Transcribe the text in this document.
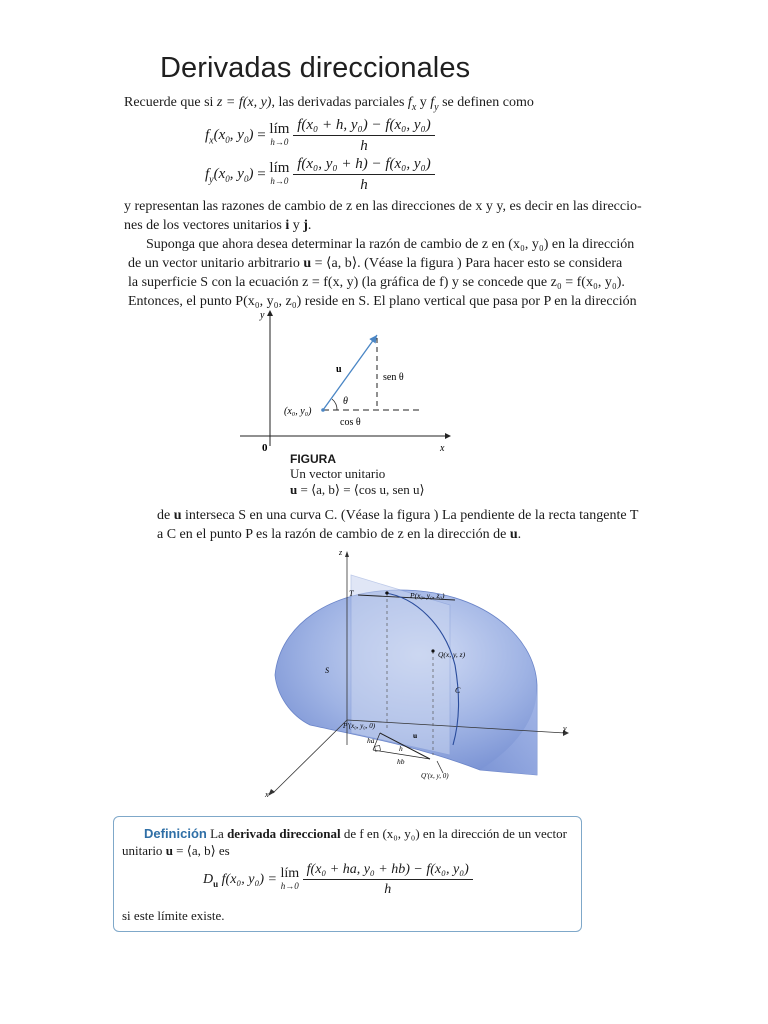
Derivadas direccionales
Recuerde que si z = f(x, y), las derivadas parciales $f_x$ y $f_y$ se definen como
$f_x(x_0$, $y_0$) = lím
h→0
$\frac{\text{f(x₀ + h, y₀) − f(x₀, y₀)}}{h}$
$f_y(x_0$, $y_0$) = lím
h→0
$\frac{\text{f(x₀, y₀ + h) − f(x₀, y₀)}}{h}$
y representan las razones de cambio de z en las direcciones de x y y, es decir en las direccio-
nes de los vectores unitarios i y j.
Suponga que ahora desea determinar la razón de cambio de z en (x₀, y₀) en la dirección
de un vector unitario arbitrario u = ⟨a, b⟩. (Véase la figura ) Para hacer esto se considera
la superficie S con la ecuación z = f(x, y) (la gráfica de f) y se concede que z₀ = f(x₀, y₀).
Entonces, el punto P(x₀, y₀, z₀) reside en S. El plano vertical que pasa por P en la dirección
y
x
0
(x₀, y₀)
u
θ
sen θ
cos θ
FIGURA
Un vector unitario
u = ⟨a, b⟩ = ⟨cos u, sen u⟩
de u interseca S en una curva C. (Véase la figura ) La pendiente de la recta tangente T
a C en el punto P es la razón de cambio de z en la dirección de u.
z
y
x
T	P(x₀, y₀, z₀)
Q(x, y, z)
S
C
P′(x₀, y₀, 0)
ha
h
hb
u
Q′(x, y, 0)
Definición La derivada direccional de f en (x₀, y₀) en la dirección de un vector
unitario u = ⟨a, b⟩ es
$D_u$ f(x₀, y₀) = lím
h→0
$\frac{\text{f(x₀ + ha, y₀ + hb) − f(x₀, y₀)}}{h}$
si este límite existe.
